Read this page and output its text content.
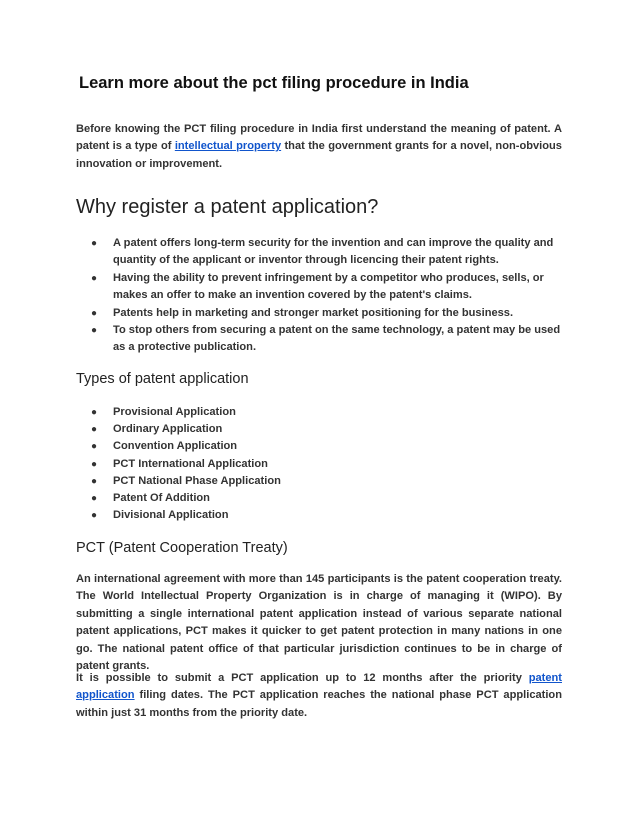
Learn more about the pct filing procedure in India

Before knowing the PCT filing procedure in India first understand the meaning of patent. A patent is a type of intellectual property that the government grants for a novel, non-obvious innovation or improvement.

Why register a patent application?
● A patent offers long-term security for the invention and can improve the quality and quantity of the applicant or inventor through licencing their patent rights.
● Having the ability to prevent infringement by a competitor who produces, sells, or makes an offer to make an invention covered by the patent's claims.
● Patents help in marketing and stronger market positioning for the business.
● To stop others from securing a patent on the same technology, a patent may be used as a protective publication.
Types of patent application
● Provisional Application
● Ordinary Application
● Convention Application
● PCT International Application
● PCT National Phase Application
● Patent Of Addition
● Divisional Application
PCT (Patent Cooperation Treaty)

An international agreement with more than 145 participants is the patent cooperation treaty. The World Intellectual Property Organization is in charge of managing it (WIPO). By submitting a single international patent application instead of various separate national patent applications, PCT makes it quicker to get patent protection in many nations in one go. The national patent office of that particular jurisdiction continues to be in charge of patent grants.

It is possible to submit a PCT application up to 12 months after the priority patent application filing dates. The PCT application reaches the national phase PCT application within just 31 months from the priority date.
